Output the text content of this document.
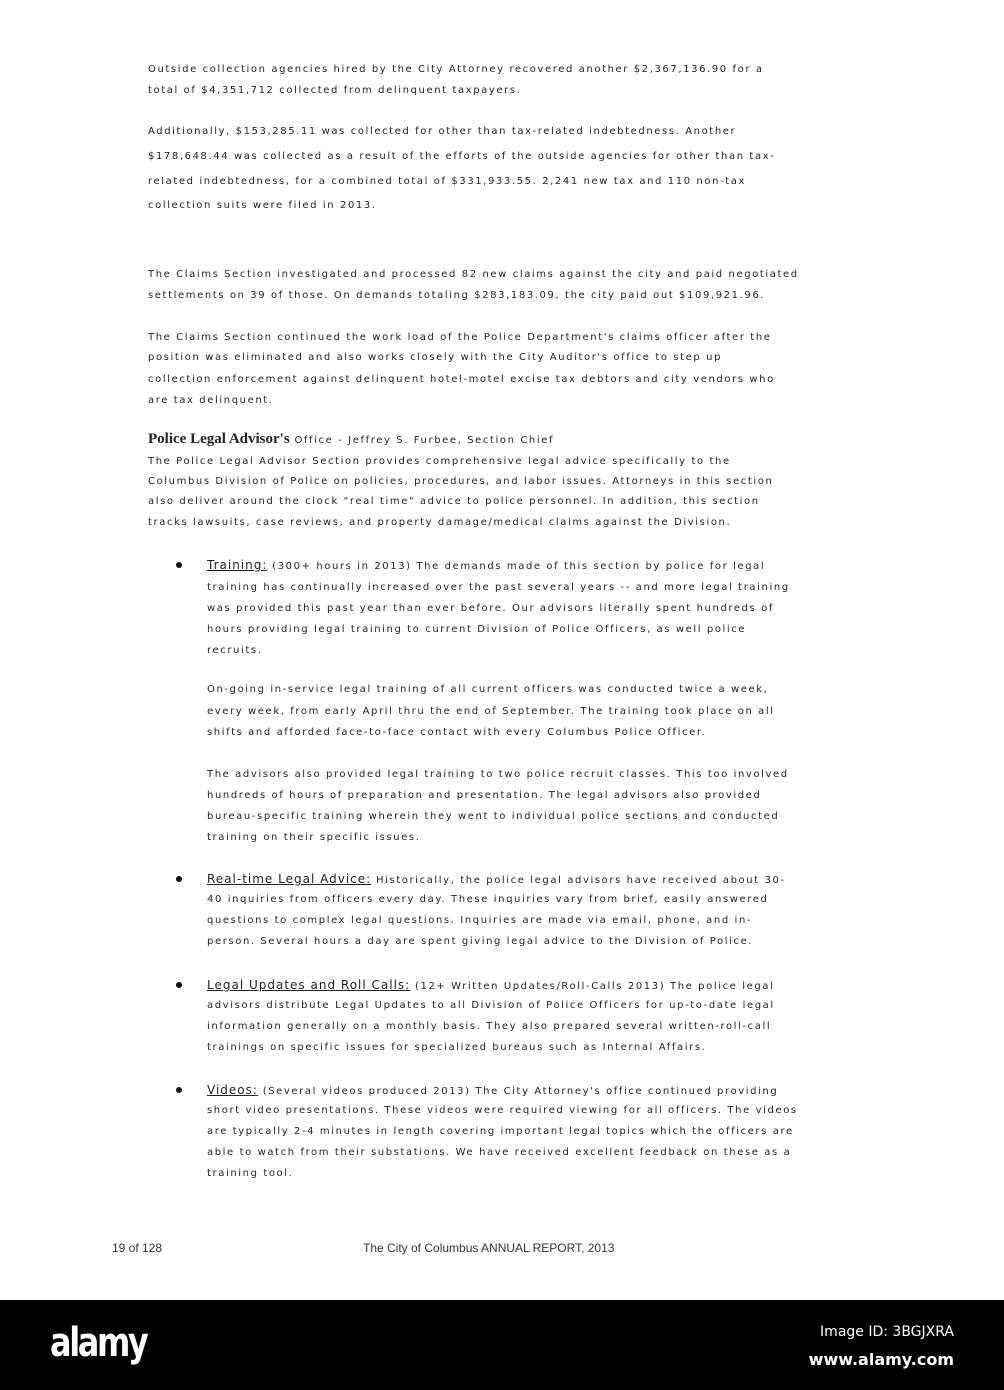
Outside collection agencies hired by the City Attorney recovered another $2,367,136.90 for a
total of $4,351,712 collected from delinquent taxpayers.
Additionally, $153,285.11 was collected for other than tax-related indebtedness. Another
$178,648.44 was collected as a result of the efforts of the outside agencies for other than tax-
related indebtedness, for a combined total of $331,933.55. 2,241 new tax and 110 non-tax
collection suits were filed in 2013.
The Claims Section investigated and processed 82 new claims against the city and paid negotiated
settlements on 39 of those. On demands totaling $283,183.09, the city paid out $109,921.96.
The Claims Section continued the work load of the Police Department's claims officer after the
position was eliminated and also works closely with the City Auditor's office to step up
collection enforcement against delinquent hotel-motel excise tax debtors and city vendors who
are tax delinquent.
Police Legal Advisor's Office - Jeffrey S. Furbee, Section Chief
The Police Legal Advisor Section provides comprehensive legal advice specifically to the
Columbus Division of Police on policies, procedures, and labor issues. Attorneys in this section
also deliver around the clock "real time" advice to police personnel. In addition, this section
tracks lawsuits, case reviews, and property damage/medical claims against the Division.
Training: (300+ hours in 2013) The demands made of this section by police for legal
training has continually increased over the past several years -- and more legal training
was provided this past year than ever before. Our advisors literally spent hundreds of
hours providing legal training to current Division of Police Officers, as well police
recruits.
On-going in-service legal training of all current officers was conducted twice a week,
every week, from early April thru the end of September. The training took place on all
shifts and afforded face-to-face contact with every Columbus Police Officer.
The advisors also provided legal training to two police recruit classes. This too involved
hundreds of hours of preparation and presentation. The legal advisors also provided
bureau-specific training wherein they went to individual police sections and conducted
training on their specific issues.
Real-time Legal Advice: Historically, the police legal advisors have received about 30-
40 inquiries from officers every day. These inquiries vary from brief, easily answered
questions to complex legal questions. Inquiries are made via email, phone, and in-
person. Several hours a day are spent giving legal advice to the Division of Police.
Legal Updates and Roll Calls: (12+ Written Updates/Roll-Calls 2013) The police legal
advisors distribute Legal Updates to all Division of Police Officers for up-to-date legal
information generally on a monthly basis. They also prepared several written-roll-call
trainings on specific issues for specialized bureaus such as Internal Affairs.
Videos: (Several videos produced 2013) The City Attorney's office continued providing
short video presentations. These videos were required viewing for all officers. The videos
are typically 2-4 minutes in length covering important legal topics which the officers are
able to watch from their substations. We have received excellent feedback on these as a
training tool.
19 of 128	The City of Columbus ANNUAL REPORT, 2013
alamy	Image ID: 3BGJXRA
www.alamy.com
